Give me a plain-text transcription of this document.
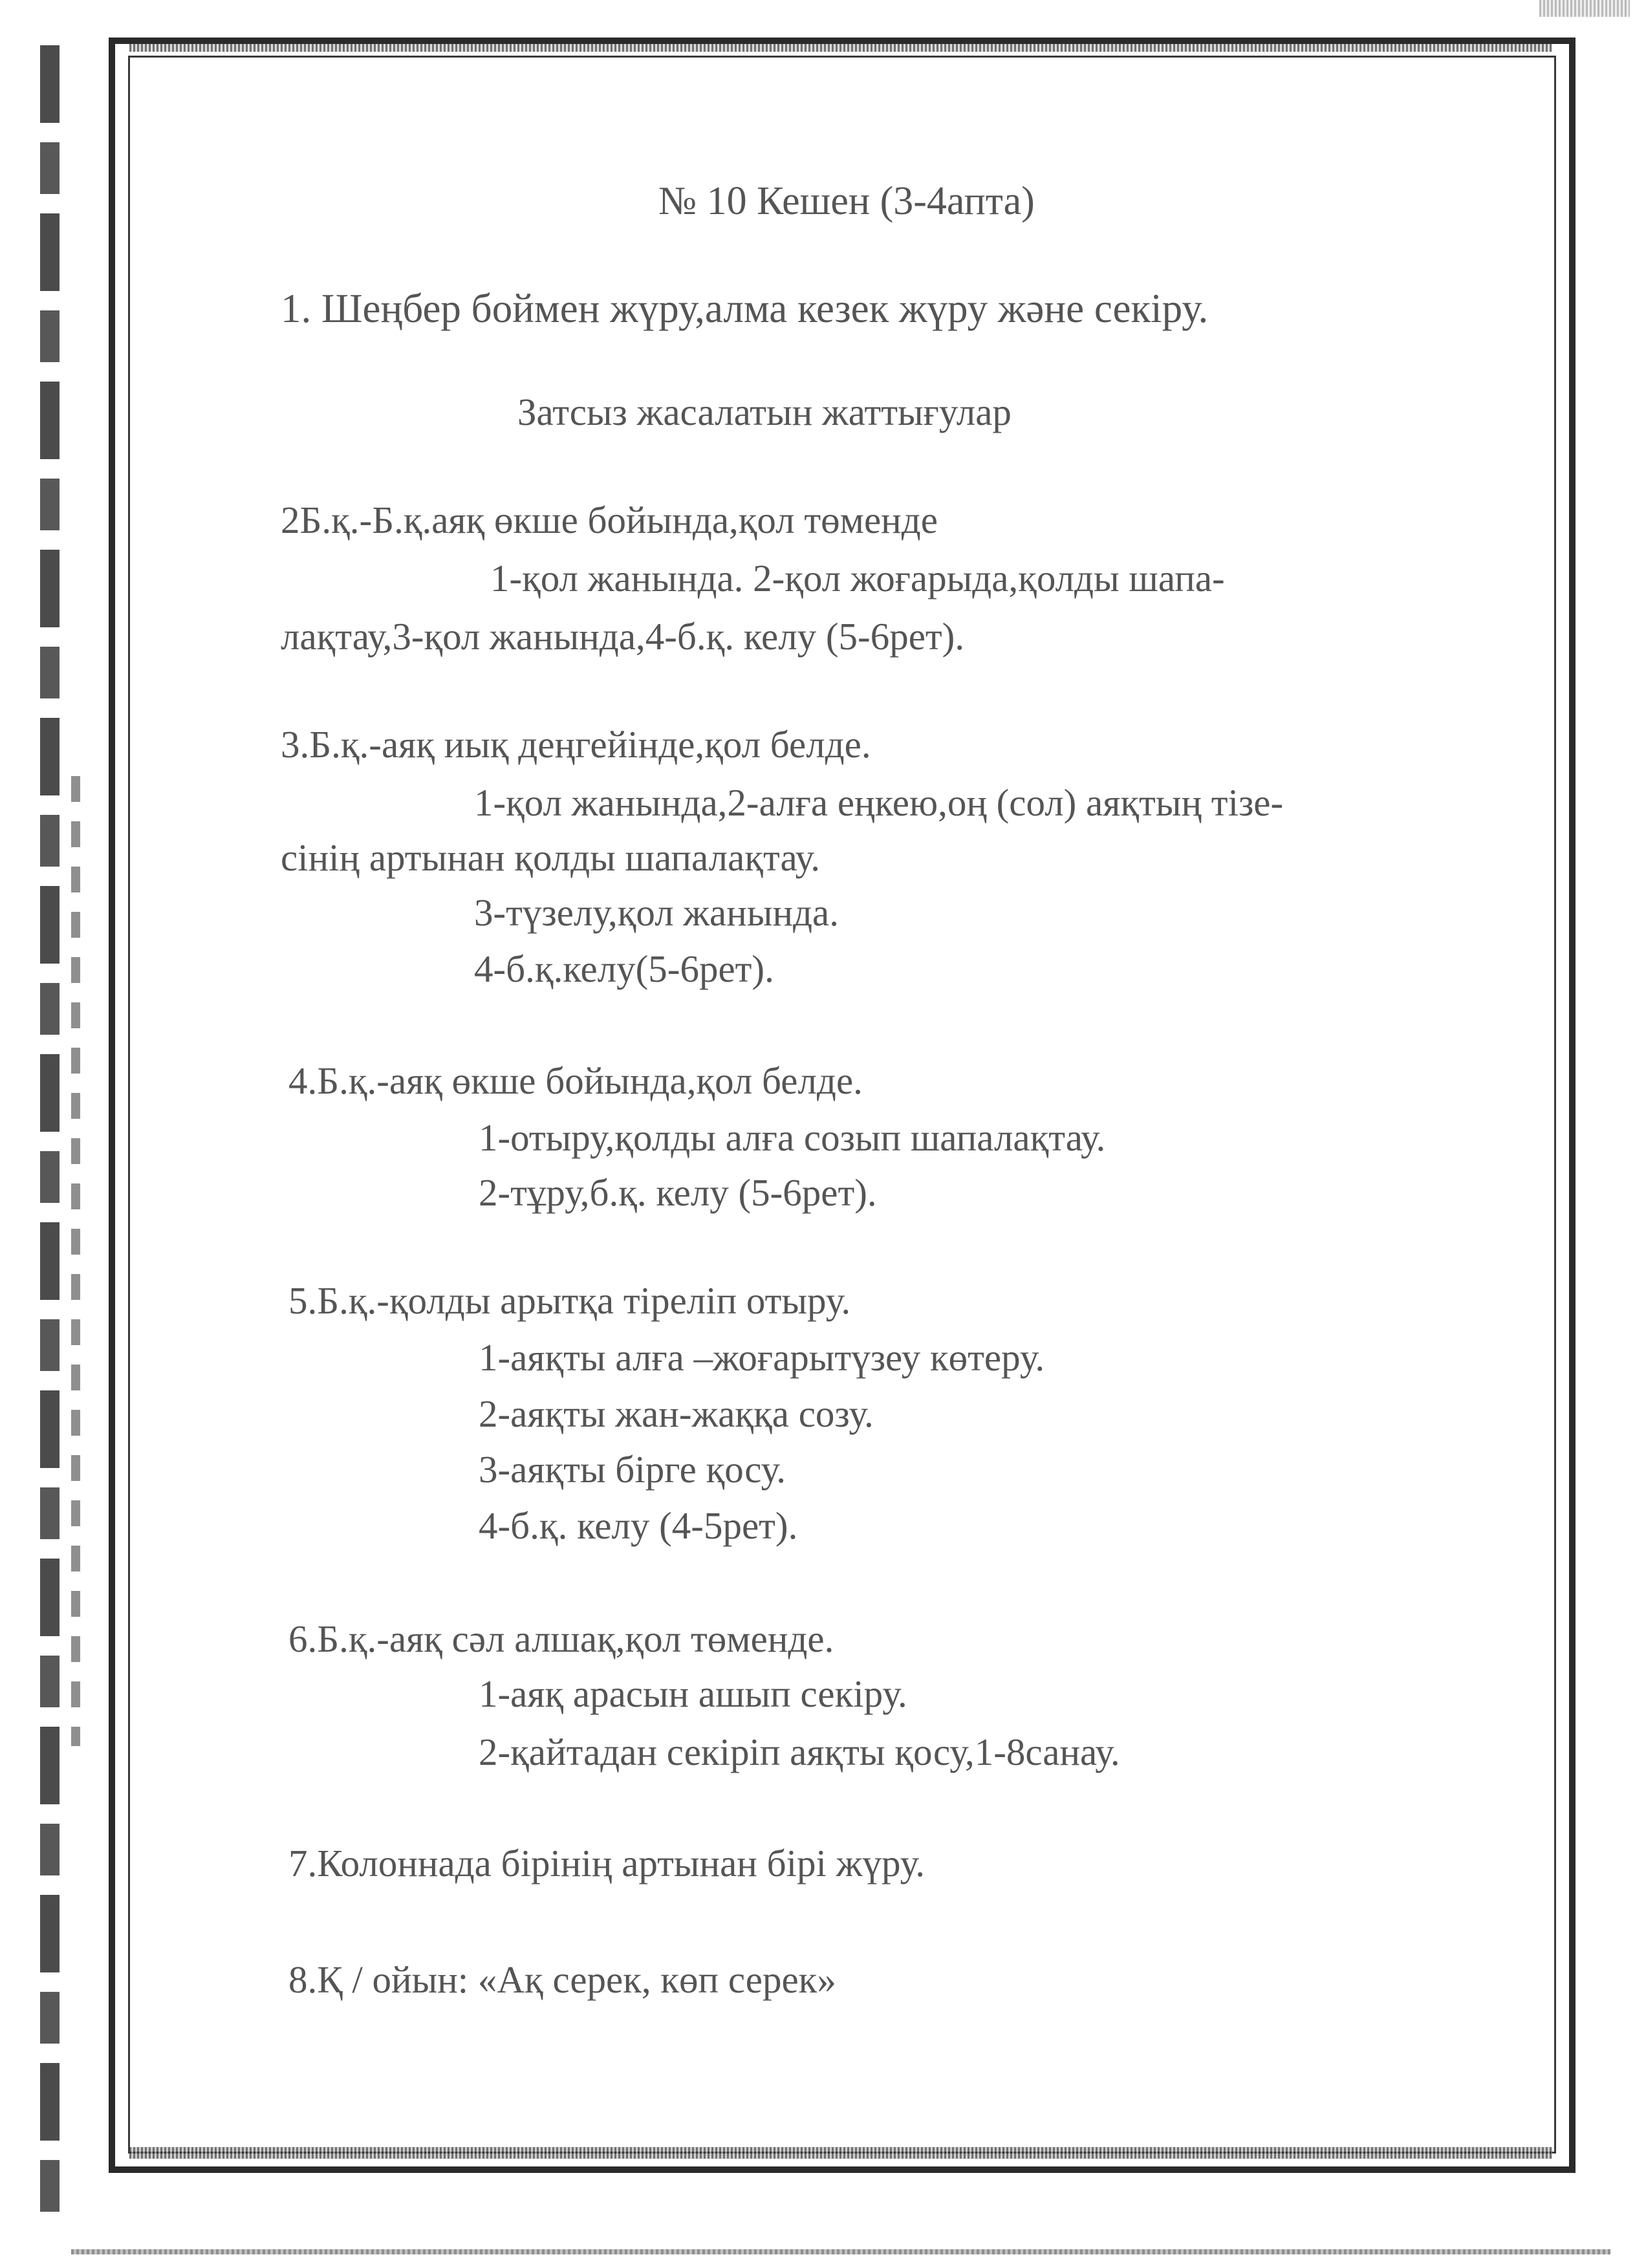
№ 10 Кешен (3-4апта)
1. Шеңбер боймен жүру,алма кезек жүру және секіру.
Затсыз жасалатын жаттығулар
2Б.қ.-Б.қ.аяқ өкше бойында,қол төменде
1-қол жанында. 2-қол жоғарыда,қолды шапа-
лақтау,3-қол жанында,4-б.қ. келу (5-6рет).
3.Б.қ.-аяқ иық деңгейінде,қол белде.
1-қол жанында,2-алға еңкею,оң (сол) аяқтың тізе-
сінің артынан қолды шапалақтау.
3-түзелу,қол жанында.
4-б.қ.келу(5-6рет).
4.Б.қ.-аяқ өкше бойында,қол белде.
1-отыру,қолды алға созып шапалақтау.
2-тұру,б.қ. келу (5-6рет).
5.Б.қ.-қолды арытқа тіреліп отыру.
1-аяқты алға –жоғарытүзеу көтеру.
2-аяқты жан-жаққа созу.
3-аяқты бірге қосу.
4-б.қ. келу (4-5рет).
6.Б.қ.-аяқ сәл алшақ,қол төменде.
1-аяқ арасын ашып секіру.
2-қайтадан секіріп аяқты қосу,1-8санау.
7.Колоннада бірінің артынан бірі жүру.
8.Қ / ойын: «Ақ серек, көп серек»
